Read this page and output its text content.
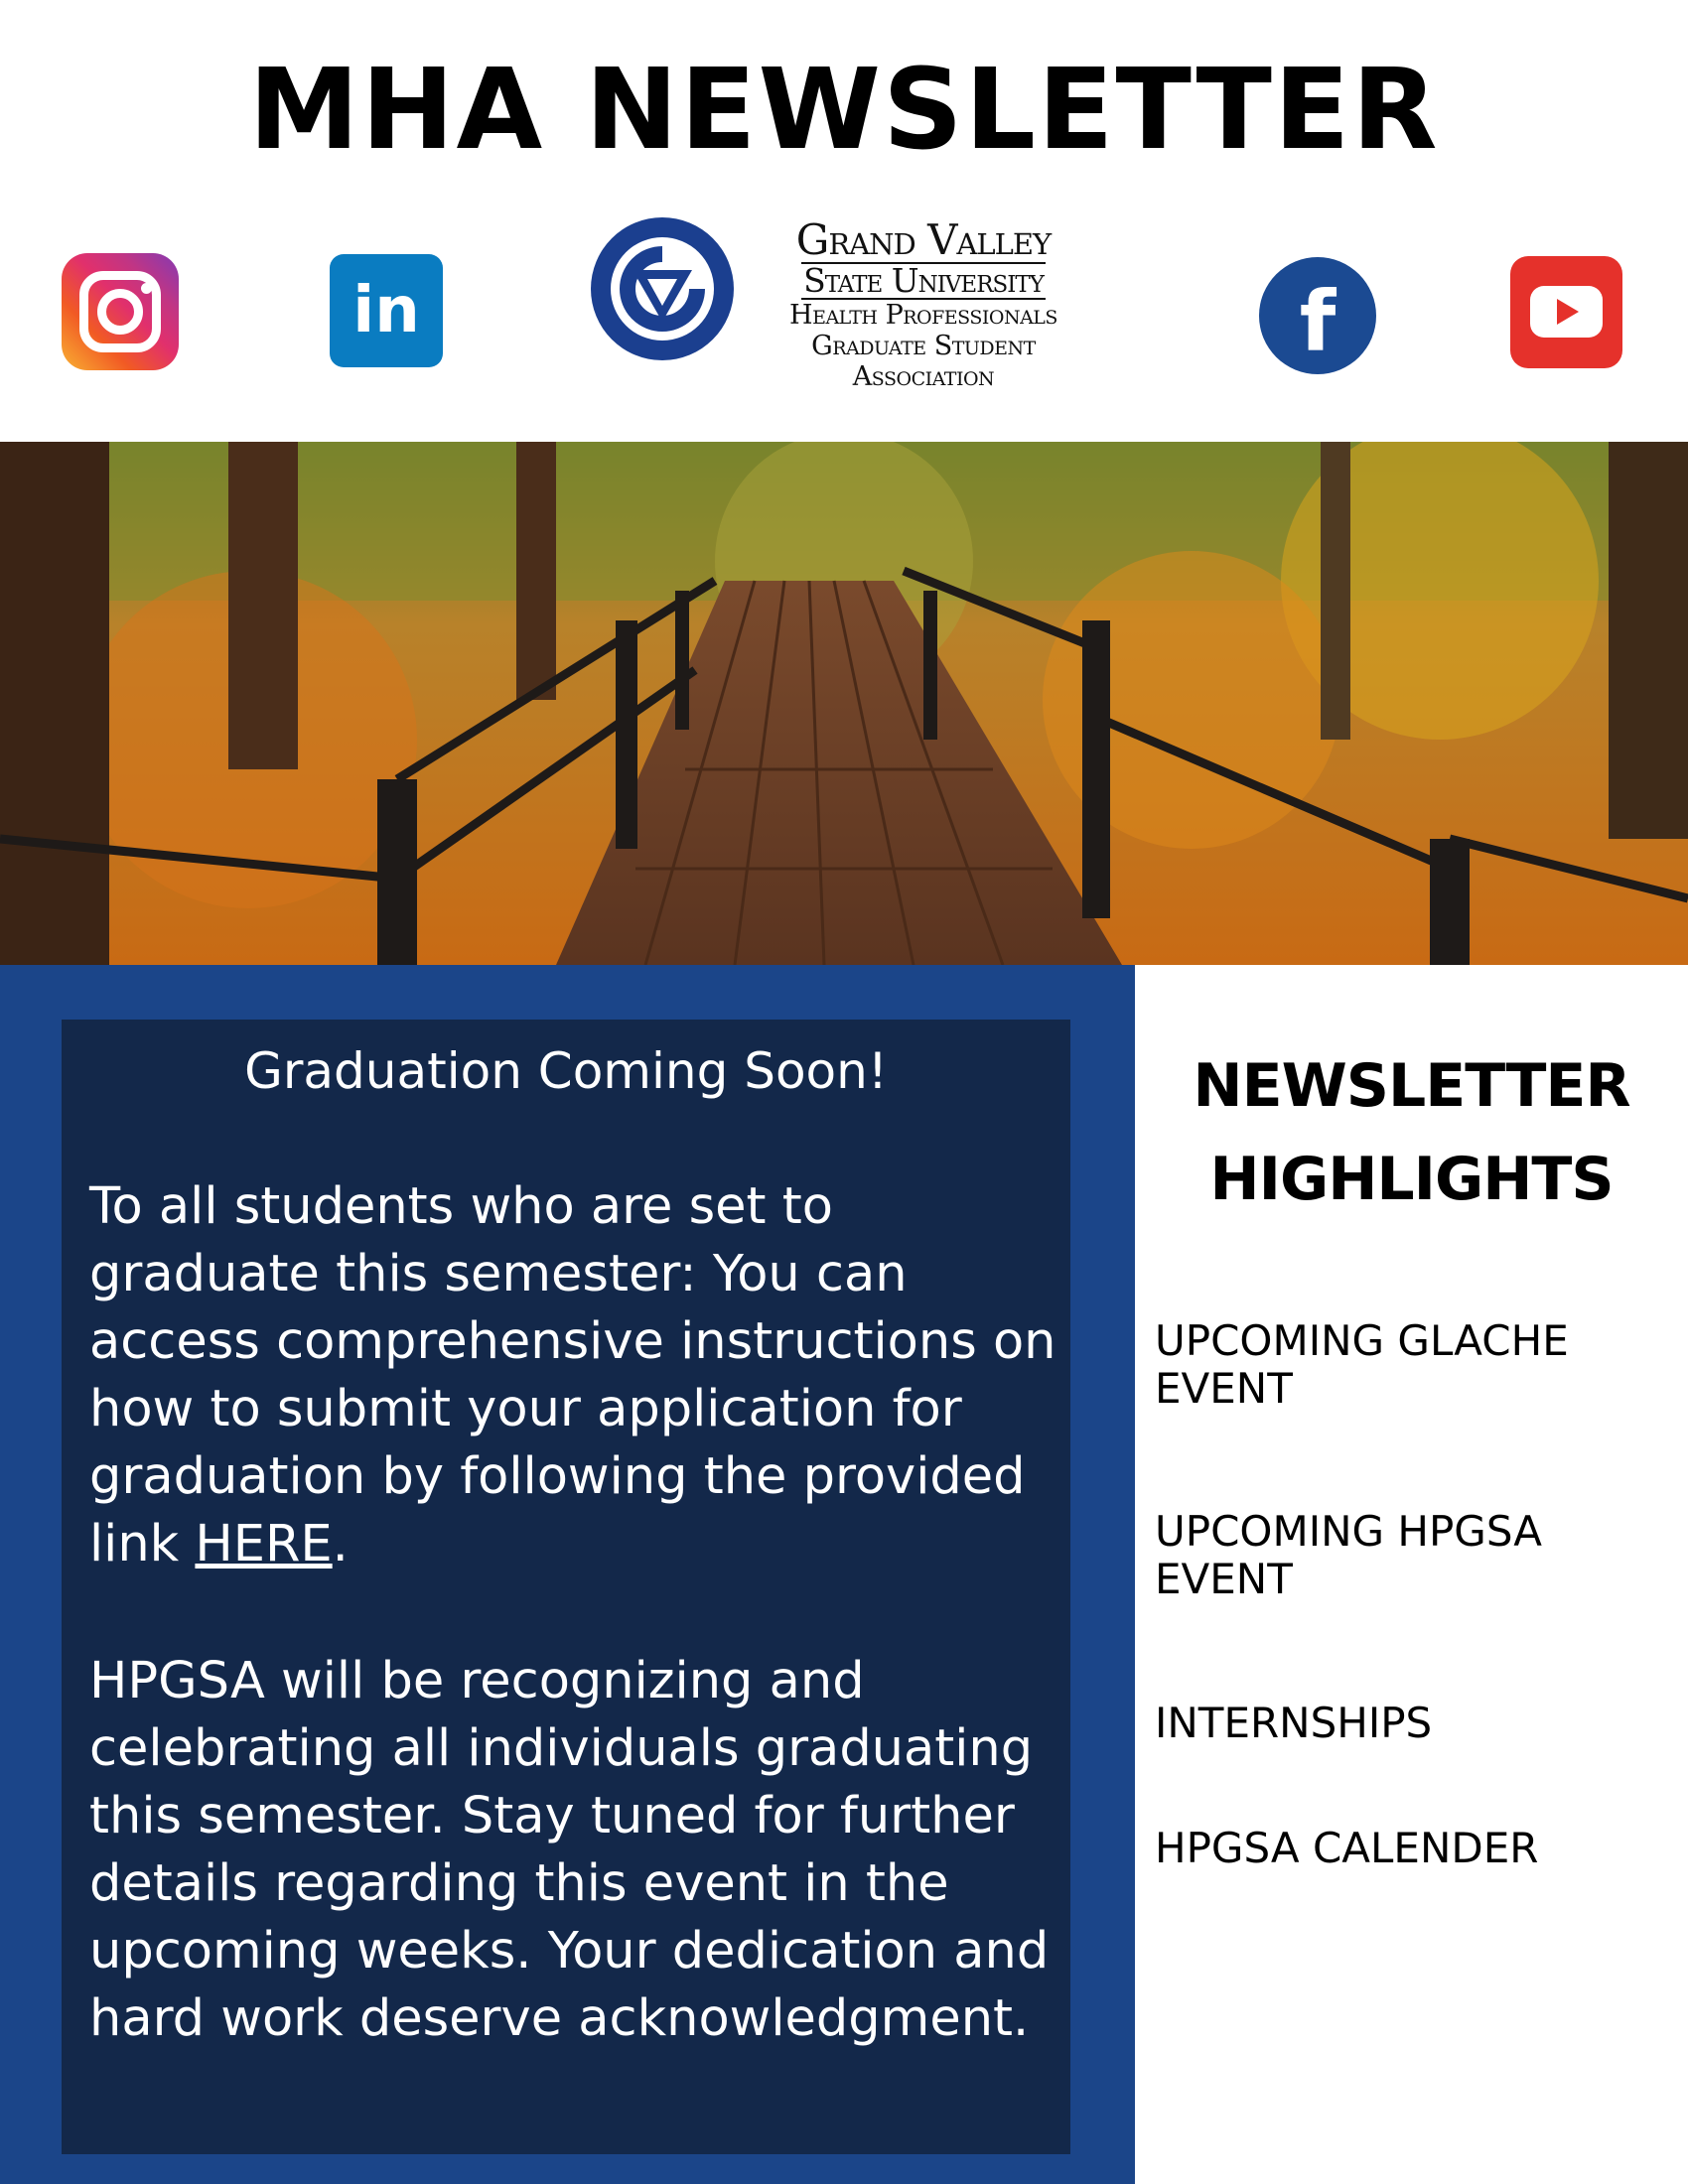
MHA NEWSLETTER
in
Grand Valley
State University
Health Professionals
Graduate Student
Association
f
Graduation Coming Soon!
To all students who are set to graduate this semester: You can access comprehensive instructions on how to submit your application for graduation by following the provided link HERE.
HPGSA will be recognizing and celebrating all individuals graduating this semester. Stay tuned for further details regarding this event in the upcoming weeks. Your dedication and hard work deserve acknowledgment.
NEWSLETTER
HIGHLIGHTS
UPCOMING GLACHE
EVENT
UPCOMING HPGSA
EVENT
INTERNSHIPS
HPGSA CALENDER
